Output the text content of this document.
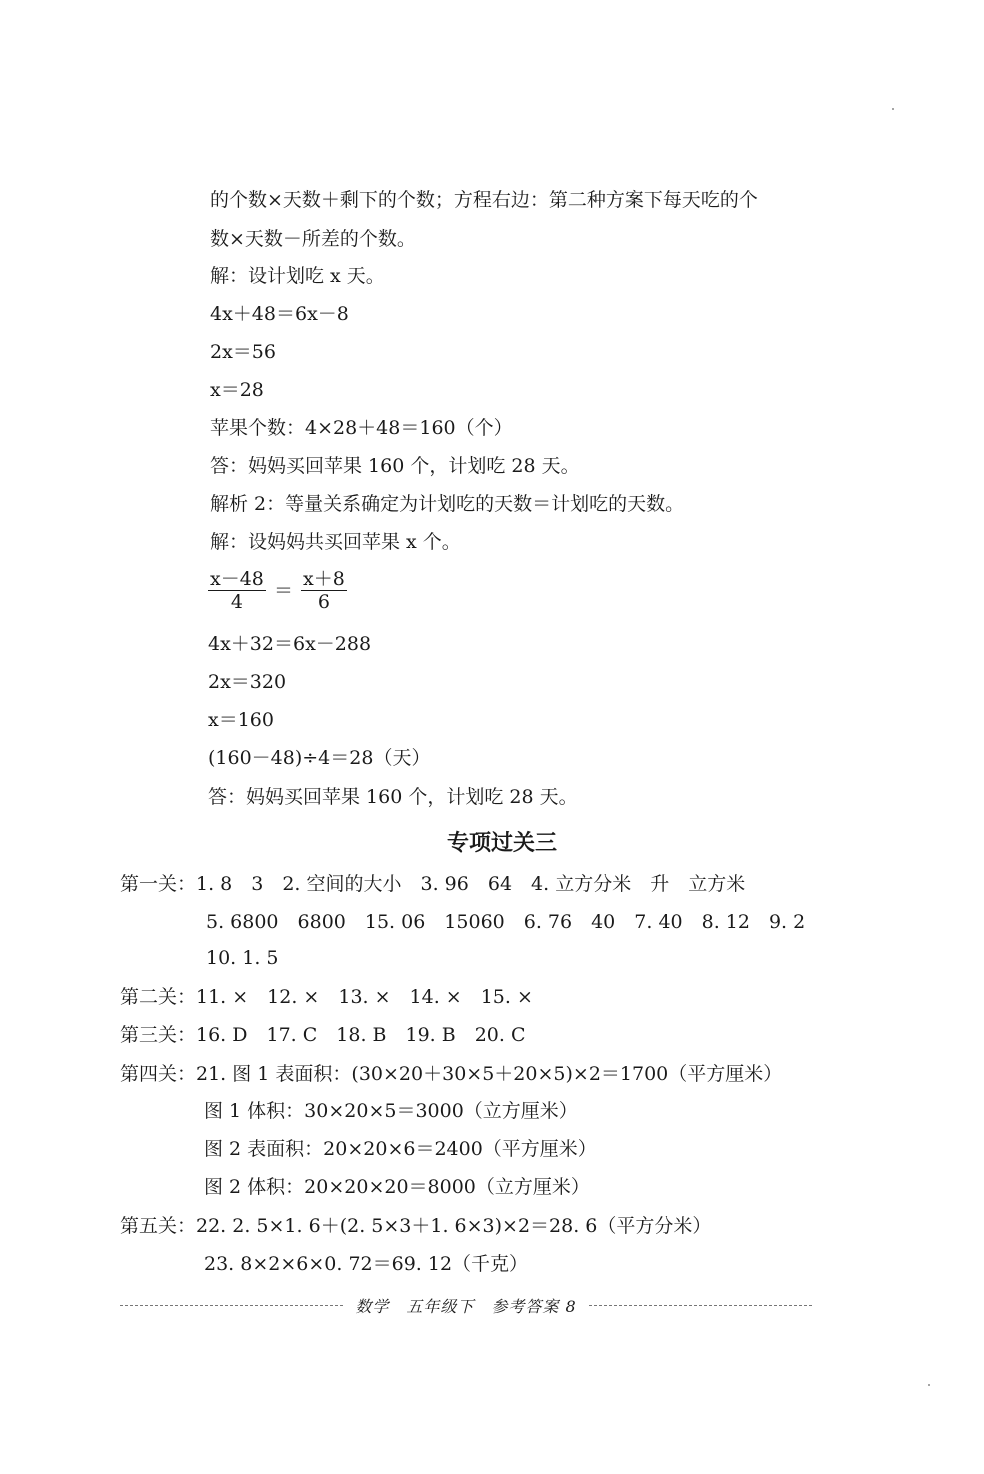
的个数×天数＋剩下的个数；方程右边：第二种方案下每天吃的个
数×天数－所差的个数。
解：设计划吃 x 天。
4x＋48＝6x－8
2x＝56
x＝28
苹果个数：4×28＋48＝160（个）
答：妈妈买回苹果 160 个，计划吃 28 天。
解析 2：等量关系确定为计划吃的天数＝计划吃的天数。
解：设妈妈共买回苹果 x 个。
$\frac{x-48}{4} = \frac{x+8}{6}$
4x＋32＝6x－288
2x＝320
x＝160
(160－48)÷4＝28（天）
答：妈妈买回苹果 160 个，计划吃 28 天。
专项过关三
第一关：1. 8　3　2. 空间的大小　3. 96　64　4. 立方分米　升　立方米
5. 6800　6800　15. 06　15060　6. 76　40　7. 40　8. 12　9. 2
10. 1. 5
第二关：11. ×　12. ×　13. ×　14. ×　15. ×
第三关：16. D　17. C　18. B　19. B　20. C
第四关：21. 图 1 表面积：(30×20＋30×5＋20×5)×2＝1700（平方厘米）
图 1 体积：30×20×5＝3000（立方厘米）
图 2 表面积：20×20×6＝2400（平方厘米）
图 2 体积：20×20×20＝8000（立方厘米）
第五关：22. 2. 5×1. 6＋(2. 5×3＋1. 6×3)×2＝28. 6（平方分米）
23. 8×2×6×0. 72＝69. 12（千克）
数学　五年级下　参考答案 8
